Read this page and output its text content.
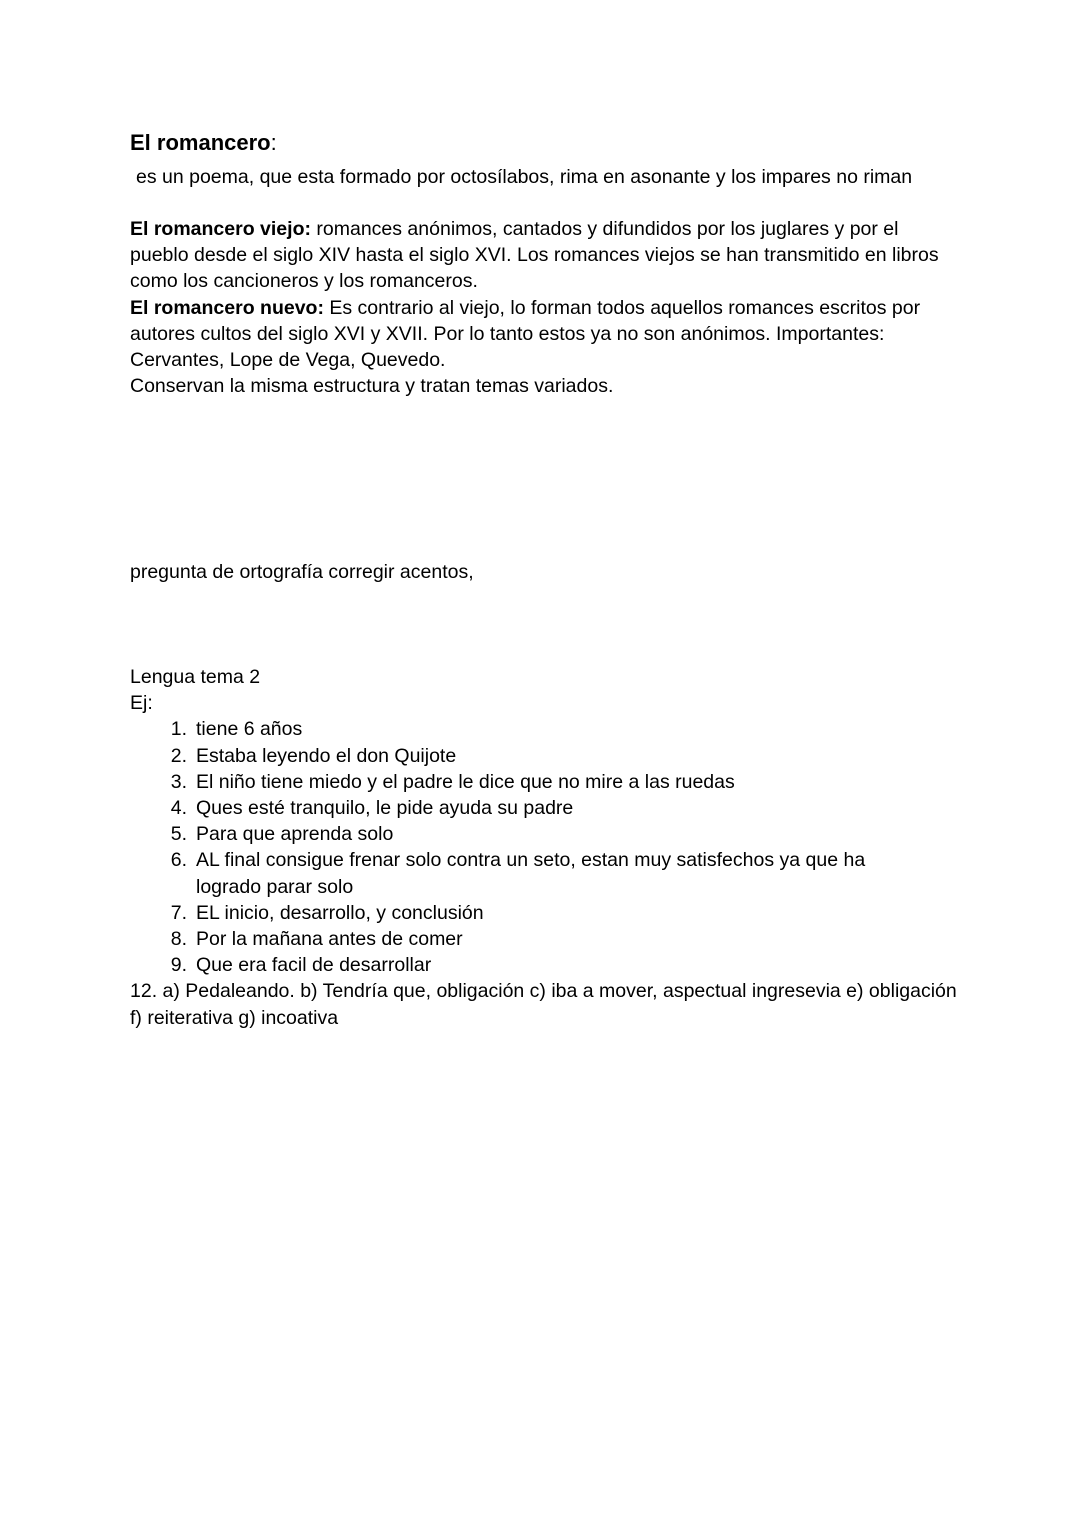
El romancero:
es un poema, que esta formado por octosílabos, rima en asonante y los impares no riman

El romancero viejo: romances anónimos, cantados y difundidos por los juglares y por el pueblo desde el siglo XIV hasta el siglo XVI. Los romances viejos se han transmitido en libros como los cancioneros y los romanceros.

El romancero nuevo: Es contrario al viejo, lo forman todos aquellos romances escritos por autores cultos del siglo XVI y XVII. Por lo tanto estos ya no son anónimos. Importantes: Cervantes, Lope de Vega, Quevedo.

Conservan la misma estructura y tratan temas variados.

pregunta de ortografía corregir acentos,

Lengua tema 2

Ej:

1. tiene 6 años
2. Estaba leyendo el don Quijote
3. El niño tiene miedo y el padre le dice que no mire a las ruedas
4. Ques esté tranquilo, le pide ayuda su padre
5. Para que aprenda solo
6. AL final consigue frenar solo contra un seto, estan muy satisfechos ya que ha logrado parar solo
7. EL inicio, desarrollo, y conclusión
8. Por la mañana antes de comer
9. Que era facil de desarrollar

12. a) Pedaleando. b) Tendría que, obligación c) iba a mover, aspectual ingresevia e) obligación f) reiterativa g) incoativa
